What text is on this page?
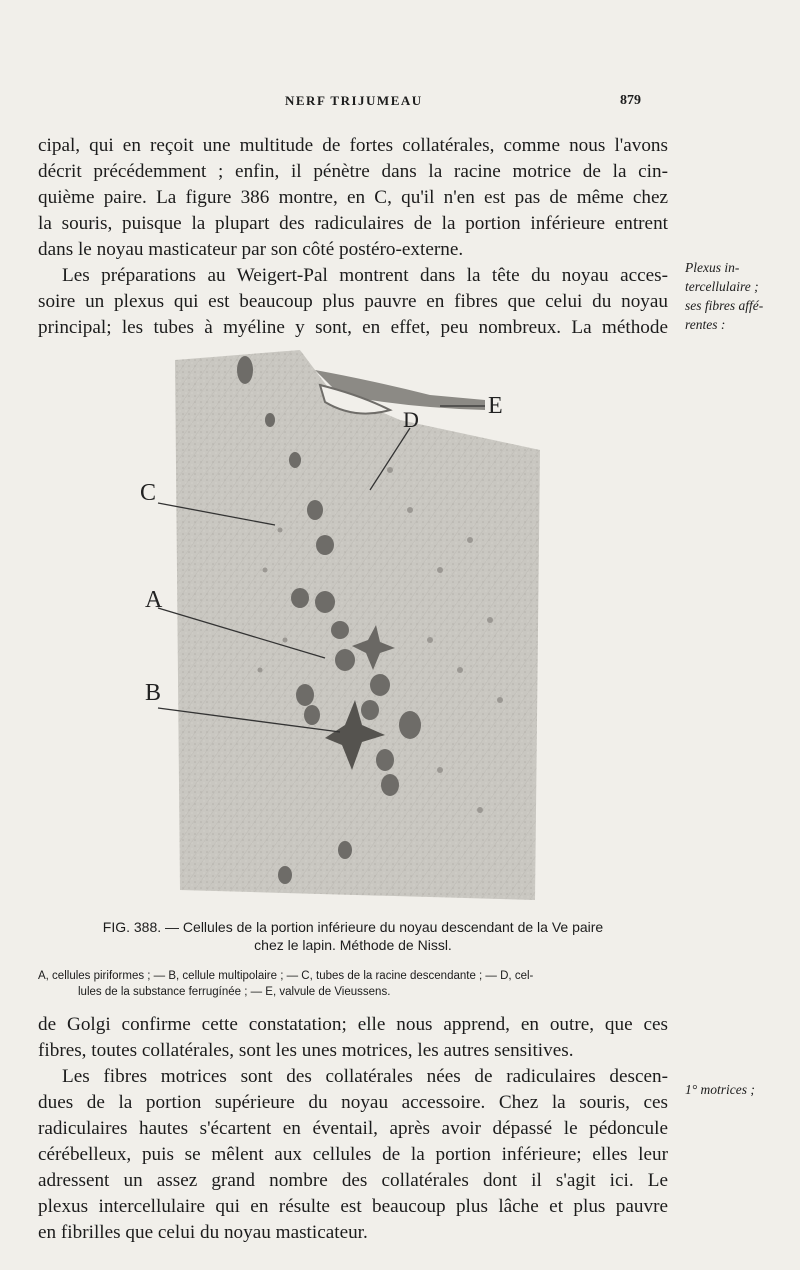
NERF TRIJUMEAU	879
cipal, qui en reçoit une multitude de fortes collatérales, comme nous l'avons
décrit précédemment ; enfin, il pénètre dans la racine motrice de la cin-
quième paire. La figure 386 montre, en C, qu'il n'en est pas de même chez
la souris, puisque la plupart des radiculaires de la portion inférieure entrent
dans le noyau masticateur par son côté postéro-externe.
Les préparations au Weigert-Pal montrent dans la tête du noyau acces-
soire un plexus qui est beaucoup plus pauvre en fibres que celui du noyau
principal; les tubes à myéline y sont, en effet, peu nombreux. La méthode
Plexus in-
tercellulaire ;
ses fibres affé-
rentes :
C
A
B
D
E
FIG. 388. — Cellules de la portion inférieure du noyau descendant de la Ve paire
chez le lapin. Méthode de Nissl.
A, cellules piriformes ; — B, cellule multipolaire ; — C, tubes de la racine descendante ; — D, cel-
lules de la substance ferrugínée ; — E, valvule de Vieussens.
de Golgi confirme cette constatation; elle nous apprend, en outre, que ces
fibres, toutes collatérales, sont les unes motrices, les autres sensitives.
Les fibres motrices sont des collatérales nées de radiculaires descen-
dues de la portion supérieure du noyau accessoire. Chez la souris, ces
radiculaires hautes s'écartent en éventail, après avoir dépassé le pédoncule
cérébelleux, puis se mêlent aux cellules de la portion inférieure; elles leur
adressent un assez grand nombre des collatérales dont il s'agit ici. Le
plexus intercellulaire qui en résulte est beaucoup plus lâche et plus pauvre
en fibrilles que celui du noyau masticateur.
1° motrices ;
